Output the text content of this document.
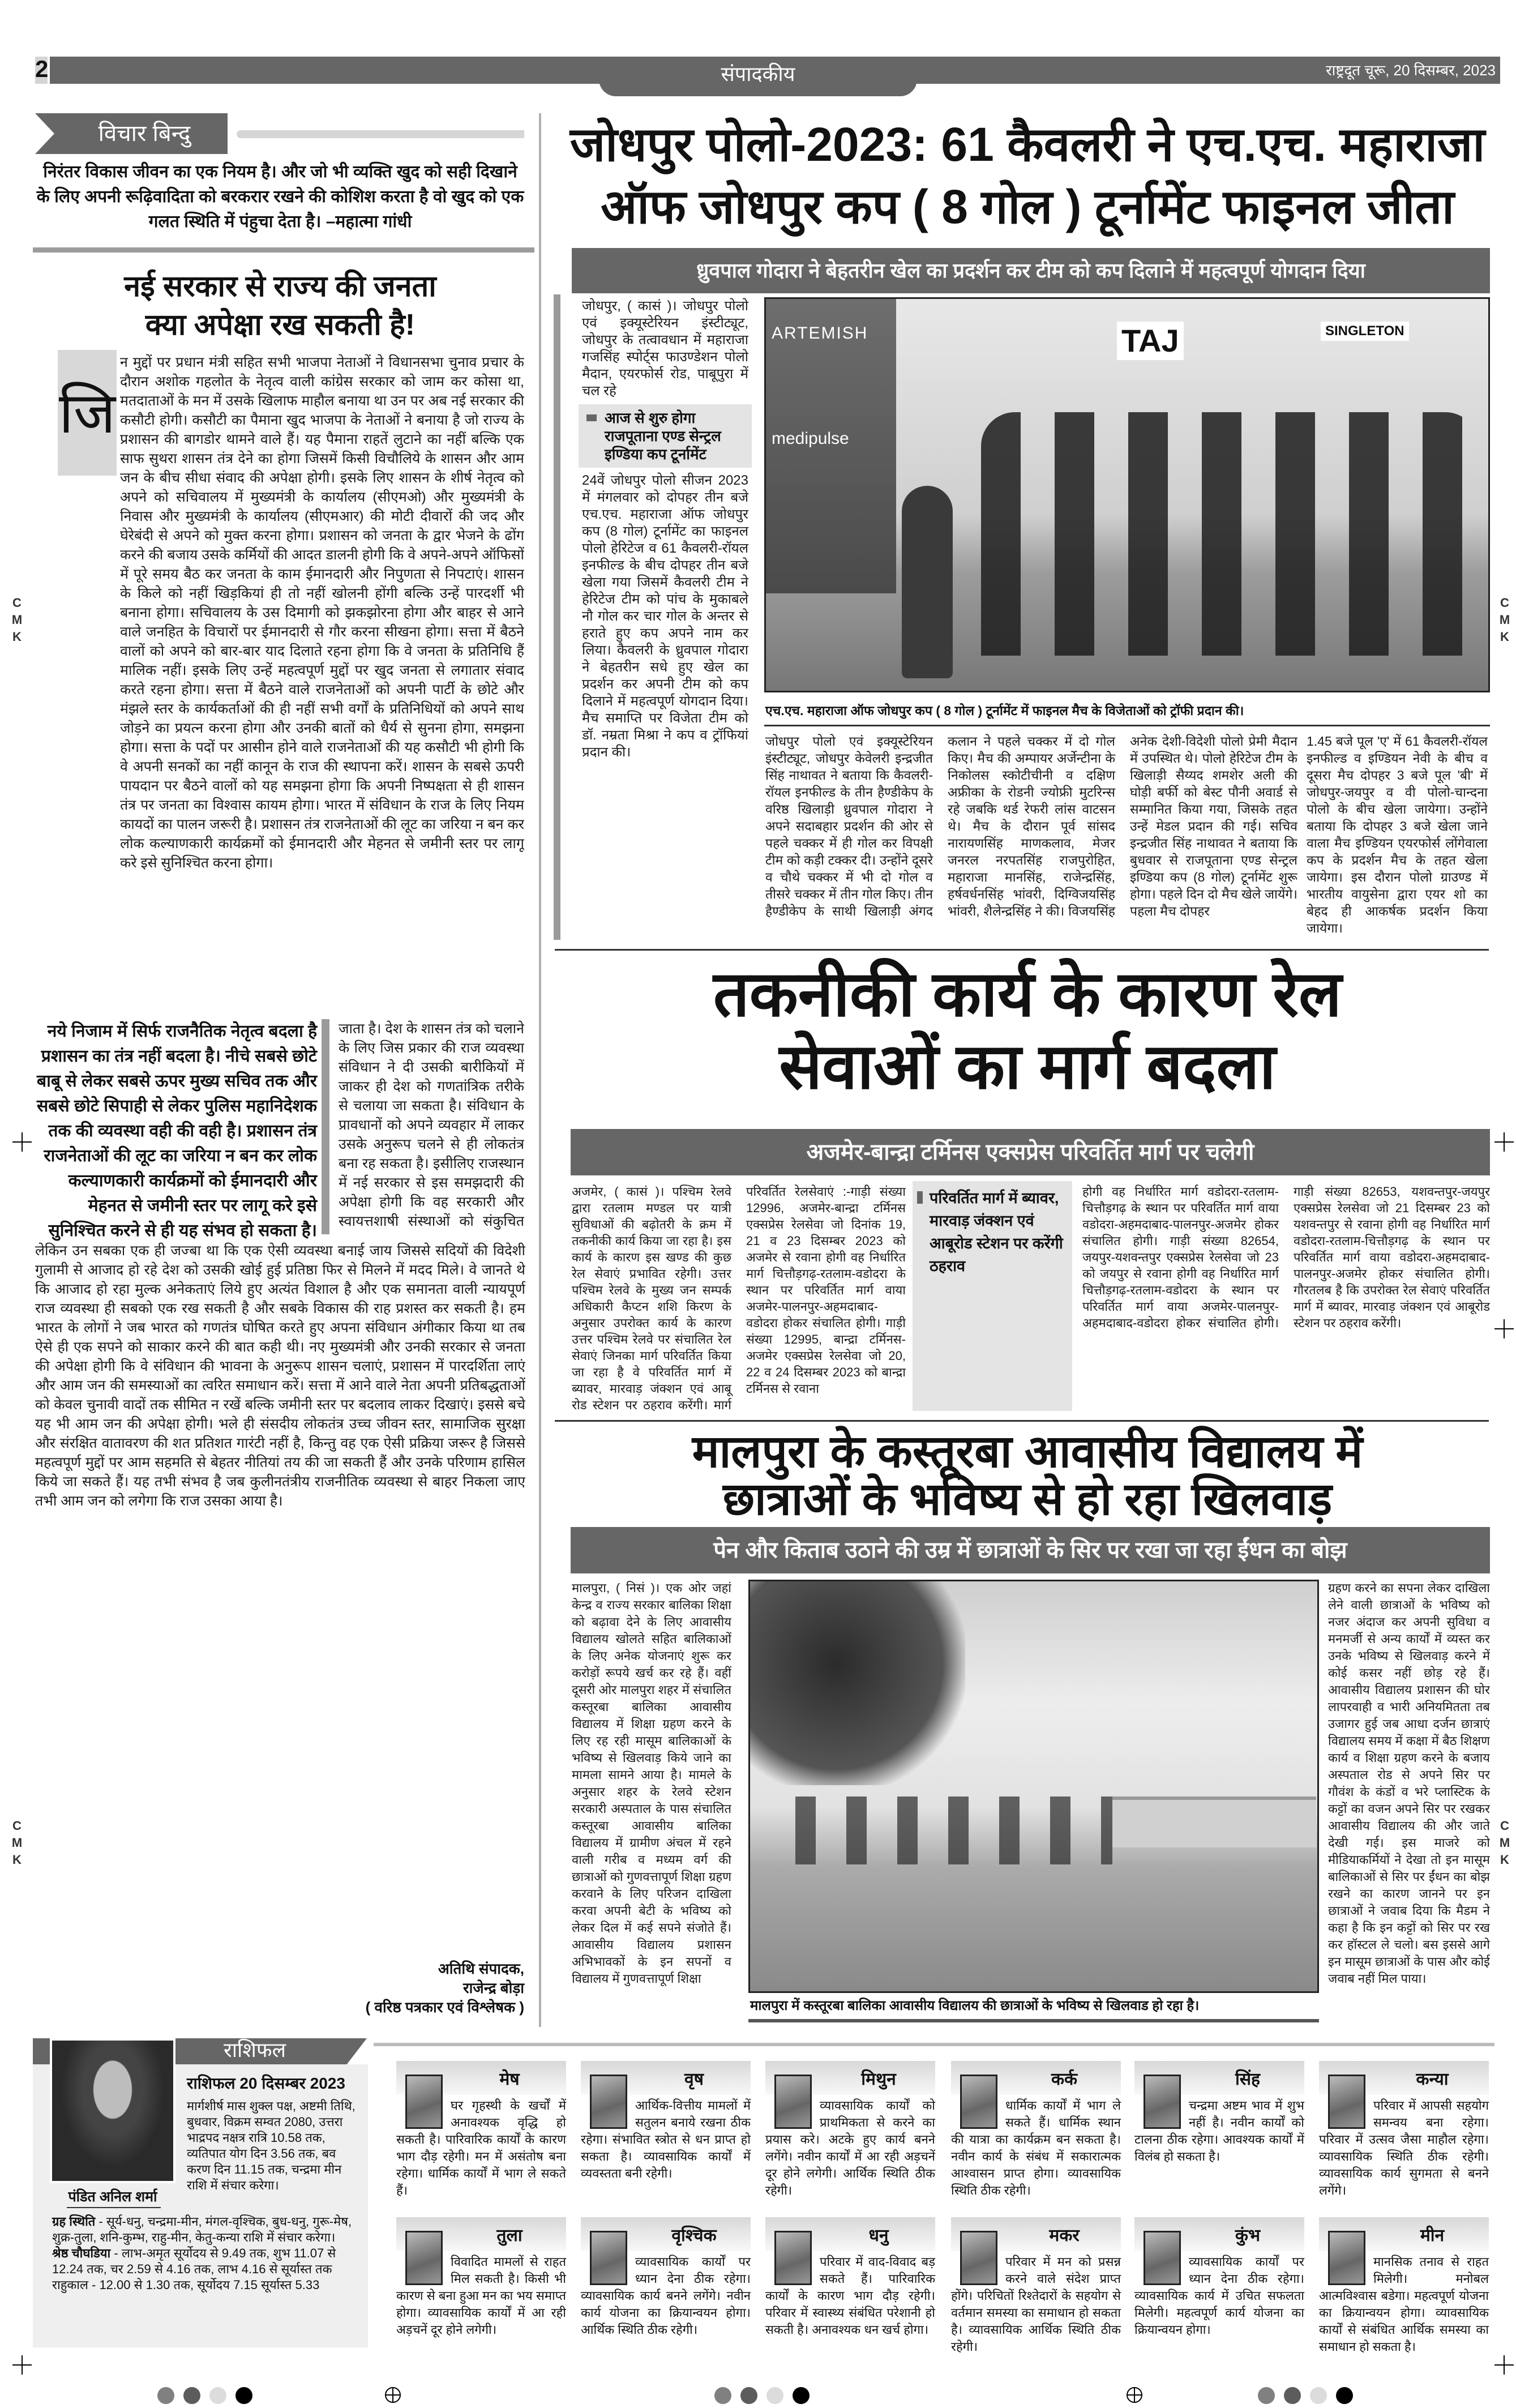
2	संपादकीय	राष्ट्रदूत चूरू, 20 दिसम्बर, 2023
विचार बिन्दु
निरंतर विकास जीवन का एक नियम है। और जो भी व्यक्ति खुद को सही दिखाने के लिए अपनी रूढ़िवादिता को बरकरार रखने की कोशिश करता है वो खुद को एक गलत स्थिति में पंहुचा देता है। –महात्मा गांधी
नई सरकार से राज्य की जनता
क्या अपेक्षा रख सकती है!
जि
न मुद्दों पर प्रधान मंत्री सहित सभी भाजपा नेताओं ने विधानसभा चुनाव प्रचार के दौरान अशोक गहलोत के नेतृत्व वाली कांग्रेस सरकार को जाम कर कोसा था, मतदाताओं के मन में उसके खिलाफ माहौल बनाया था उन पर अब नई सरकार की कसौटी होगी। कसौटी का पैमाना खुद भाजपा के नेताओं ने बनाया है जो राज्य के प्रशासन की बागडोर थामने वाले हैं। यह पैमाना राहतें लुटाने का नहीं बल्कि एक साफ सुथरा शासन तंत्र देने का होगा जिसमें किसी विचौलिये के शासन और आम जन के बीच सीधा संवाद की अपेक्षा होगी। इसके लिए शासन के शीर्ष नेतृत्व को अपने को सचिवालय में मुख्यमंत्री के कार्यालय (सीएमओ) और मुख्यमंत्री के निवास और मुख्यमंत्री के कार्यालय (सीएमआर) की मोटी दीवारों की जद और घेरेबंदी से अपने को मुक्त करना होगा। प्रशासन को जनता के द्वार भेजने के ढोंग करने की बजाय उसके कर्मियों की आदत डालनी होगी कि वे अपने-अपने ऑफिसों में पूरे समय बैठ कर जनता के काम ईमानदारी और निपुणता से निपटाएं। शासन के किले को नहीं खिड़कियां ही तो नहीं खोलनी होंगी बल्कि उन्हें पारदर्शी भी बनाना होगा। सचिवालय के उस दिमागी को झकझोरना होगा और बाहर से आने वाले जनहित के विचारों पर ईमानदारी से गौर करना सीखना होगा। सत्ता में बैठने वालों को अपने को बार-बार याद दिलाते रहना होगा कि वे जनता के प्रतिनिधि हैं मालिक नहीं। इसके लिए उन्हें महत्वपूर्ण मुद्दों पर खुद जनता से लगातार संवाद करते रहना होगा। सत्ता में बैठने वाले राजनेताओं को अपनी पार्टी के छोटे और मंझले स्तर के कार्यकर्ताओं की ही नहीं सभी वर्गों के प्रतिनिधियों को अपने साथ जोड़ने का प्रयत्न करना होगा और उनकी बातों को धैर्य से सुनना होगा, समझना होगा। सत्ता के पदों पर आसीन होने वाले राजनेताओं की यह कसौटी भी होगी कि वे अपनी सनकों का नहीं कानून के राज की स्थापना करें। शासन के सबसे ऊपरी पायदान पर बैठने वालों को यह समझना होगा कि अपनी निष्पक्षता से ही शासन तंत्र पर जनता का विश्वास कायम होगा। भारत में संविधान के राज के लिए नियम कायदों का पालन जरूरी है। प्रशासन तंत्र राजनेताओं की लूट का जरिया न बन कर लोक कल्याणकारी कार्यक्रमों को ईमानदारी और मेहनत से जमीनी स्तर पर लागू करे इसे सुनिश्चित करना होगा।
नये निजाम में सिर्फ राजनैतिक नेतृत्व बदला है प्रशासन का तंत्र नहीं बदला है। नीचे सबसे छोटे बाबू से लेकर सबसे ऊपर मुख्य सचिव तक और सबसे छोटे सिपाही से लेकर पुलिस महानिदेशक तक की व्यवस्था वही की वही है। प्रशासन तंत्र राजनेताओं की लूट का जरिया न बन कर लोक कल्याणकारी कार्यक्रमों को ईमानदारी और मेहनत से जमीनी स्तर पर लागू करे इसे सुनिश्चित करने से ही यह संभव हो सकता है।
जाता है। देश के शासन तंत्र को चलाने के लिए जिस प्रकार की राज व्यवस्था संविधान ने दी उसकी बारीकियों में जाकर ही देश को गणतांत्रिक तरीके से चलाया जा सकता है। संविधान के प्रावधानों को अपने व्यवहार में लाकर उसके अनुरूप चलने से ही लोकतंत्र बना रह सकता है। इसीलिए राजस्थान में नई सरकार से इस समझदारी की अपेक्षा होगी कि वह सरकारी और स्वायत्तशाषी संस्थाओं को संकुचित
लेकिन उन सबका एक ही जज्बा था कि एक ऐसी व्यवस्था बनाई जाय जिससे सदियों की विदेशी गुलामी से आजाद हो रहे देश को उसकी खोई हुई प्रतिष्ठा फिर से मिलने में मदद मिले। वे जानते थे कि आजाद हो रहा मुल्क अनेकताएं लिये हुए अत्यंत विशाल है और एक समानता वाली न्यायपूर्ण राज व्यवस्था ही सबको एक रख सकती है और सबके विकास की राह प्रशस्त कर सकती है। हम भारत के लोगों ने जब भारत को गणतंत्र घोषित करते हुए अपना संविधान अंगीकार किया था तब ऐसे ही एक सपने को साकार करने की बात कही थी। नए मुख्यमंत्री और उनकी सरकार से जनता की अपेक्षा होगी कि वे संविधान की भावना के अनुरूप शासन चलाएं, प्रशासन में पारदर्शिता लाएं और आम जन की समस्याओं का त्वरित समाधान करें। सत्ता में आने वाले नेता अपनी प्रतिबद्धताओं को केवल चुनावी वादों तक सीमित न रखें बल्कि जमीनी स्तर पर बदलाव लाकर दिखाएं। इससे बचे यह भी आम जन की अपेक्षा होगी। भले ही संसदीय लोकतंत्र उच्च जीवन स्तर, सामाजिक सुरक्षा और संरक्षित वातावरण की शत प्रतिशत गारंटी नहीं है, किन्तु वह एक ऐसी प्रक्रिया जरूर है जिससे महत्वपूर्ण मुद्दों पर आम सहमति से बेहतर नीतियां तय की जा सकती हैं और उनके परिणाम हासिल किये जा सकते हैं। यह तभी संभव है जब कुलीनतंत्रीय राजनीतिक व्यवस्था से बाहर निकला जाए तभी आम जन को लगेगा कि राज उसका आया है।
अतिथि संपादक,
राजेन्द्र बोड़ा
( वरिष्ठ पत्रकार एवं विश्लेषक )
जोधपुर पोलो-2023: 61 कैवलरी ने एच.एच. महाराजा
ऑफ जोधपुर कप ( 8 गोल ) टूर्नामेंट फाइनल जीता
ध्रुवपाल गोदारा ने बेहतरीन खेल का प्रदर्शन कर टीम को कप दिलाने में महत्वपूर्ण योगदान दिया
जोधपुर, ( कासं )। जोधपुर पोलो एवं इक्यूस्टेरियन इंस्टीट्यूट, जोधपुर के तत्वावधान में महाराजा गजसिंह स्पोर्ट्स फाउण्डेशन पोलो मैदान, एयरफोर्स रोड, पाबूपुरा में चल रहे
आज से शुरु होगा राजपूताना एण्ड सेन्ट्रल इण्डिया कप टूर्नामेंट
24वें जोधपुर पोलो सीजन 2023 में मंगलवार को दोपहर तीन बजे एच.एच. महाराजा ऑफ जोधपुर कप (8 गोल) टूर्नामेंट का फाइनल पोलो हेरिटेज व 61 कैवलरी-रॉयल इनफील्ड के बीच दोपहर तीन बजे खेला गया जिसमें कैवलरी टीम ने हेरिटेज टीम को पांच के मुकाबले नौ गोल कर चार गोल के अन्तर से हराते हुए कप अपने नाम कर लिया। कैवलरी के ध्रुवपाल गोदारा ने बेहतरीन सधे हुए खेल का प्रदर्शन कर अपनी टीम को कप दिलाने में महत्वपूर्ण योगदान दिया। मैच समाप्ति पर विजेता टीम को डॉ. नम्रता मिश्रा ने कप व ट्रॉफियां प्रदान की।
ARTEMISH
medipulse
TAJ	SINGLETON
एच.एच. महाराजा ऑफ जोधपुर कप ( 8 गोल ) टूर्नामेंट में फाइनल मैच के विजेताओं को ट्रॉफी प्रदान की।
जोधपुर पोलो एवं इक्यूस्टेरियन इंस्टीट्यूट, जोधपुर केवेलरी इन्द्रजीत सिंह नाथावत ने बताया कि कैवलरी-रॉयल इनफील्ड के तीन हैण्डीकेप के वरिष्ठ खिलाड़ी ध्रुवपाल गोदारा ने अपने सदाबहार प्रदर्शन की ओर से पहले चक्कर में ही गोल कर विपक्षी टीम को कड़ी टक्कर दी। उन्होंने दूसरे व चौथे चक्कर में भी दो गोल व तीसरे चक्कर में तीन गोल किए। तीन हैण्डीकेप के साथी खिलाड़ी अंगद कलान ने पहले चक्कर में दो गोल किए। मैच की अम्पायर अर्जेन्टीना के निकोलस स्कोटीचीनी व दक्षिण अफ्रीका के रोडनी ज्योफ्री मुटरिन्स रहे जबकि थर्ड रेफरी लांस वाटसन थे। मैच के दौरान पूर्व सांसद नारायणसिंह माणकलाव, मेजर जनरल नरपतसिंह राजपुरोहित, महाराजा मानसिंह, राजेन्द्रसिंह, हर्षवर्धनसिंह भांवरी, दिग्विजयसिंह भांवरी, शैलेन्द्रसिंह ने की। विजयसिंह अनेक देशी-विदेशी पोलो प्रेमी मैदान में उपस्थित थे। पोलो हेरिटेज टीम के खिलाड़ी सैय्यद शमशेर अली की घोड़ी बर्फी को बेस्ट पौनी अवार्ड से सम्मानित किया गया, जिसके तहत उन्हें मेडल प्रदान की गई। सचिव इन्द्रजीत सिंह नाथावत ने बताया कि बुधवार से राजपूताना एण्ड सेन्ट्रल इण्डिया कप (8 गोल) टूर्नामेंट शुरू होगा। पहले दिन दो मैच खेले जायेंगे। पहला मैच दोपहर
1.45 बजे पूल 'ए' में 61 कैवलरी-रॉयल इनफील्ड व इण्डियन नेवी के बीच व दूसरा मैच दोपहर 3 बजे पूल 'बी' में जोधपुर-जयपुर व वी पोलो-चान्दना पोलो के बीच खेला जायेगा। उन्होंने बताया कि दोपहर 3 बजे खेला जाने वाला मैच इण्डियन एयरफोर्स लोंगेवाला कप के प्रदर्शन मैच के तहत खेला जायेगा। इस दौरान पोलो ग्राउण्ड में भारतीय वायुसेना द्वारा एयर शो का बेहद ही आकर्षक प्रदर्शन किया जायेगा।
तकनीकी कार्य के कारण रेल
सेवाओं का मार्ग बदला
अजमेर-बान्द्रा टर्मिनस एक्सप्रेस परिवर्तित मार्ग पर चलेगी
अजमेर, ( कासं )। पश्चिम रेलवे द्वारा रतलाम मण्डल पर यात्री सुविधाओं की बढ़ोतरी के क्रम में तकनीकी कार्य किया जा रहा है। इस कार्य के कारण इस खण्ड की कुछ रेल सेवाएं प्रभावित रहेगी। उत्तर पश्चिम रेलवे के मुख्य जन सम्पर्क अधिकारी कैप्टन शशि किरण के अनुसार उपरोक्त कार्य के कारण उत्तर पश्चिम रेलवे पर संचालित रेल सेवाएं जिनका मार्ग परिवर्तित किया जा रहा है वे परिवर्तित मार्ग में ब्यावर, मारवाड़ जंक्शन एवं आबू रोड स्टेशन पर ठहराव करेंगी। मार्ग परिवर्तित रेलसेवाएं :-गाड़ी संख्या 12996, अजमेर-बान्द्रा टर्मिनस एक्सप्रेस रेलसेवा जो दिनांक 19, 21 व 23 दिसम्बर 2023 को अजमेर से रवाना होगी वह निर्धारित मार्ग चित्तौड़गढ़-रतलाम-वडोदरा के स्थान पर परिवर्तित मार्ग वाया अजमेर-पालनपुर-अहमदाबाद-वडोदरा होकर संचालित होगी। गाड़ी संख्या 12995, बान्द्रा टर्मिनस-अजमेर एक्सप्रेस रेलसेवा जो 20, 22 व 24 दिसम्बर 2023 को बान्द्रा टर्मिनस से रवाना
परिवर्तित मार्ग में ब्यावर, मारवाड़ जंक्शन एवं आबूरोड स्टेशन पर करेंगी ठहराव
होगी वह निर्धारित मार्ग वडोदरा-रतलाम-चित्तौड़गढ़ के स्थान पर परिवर्तित मार्ग वाया वडोदरा-अहमदाबाद-पालनपुर-अजमेर होकर संचालित होगी। गाड़ी संख्या 82654, जयपुर-यशवन्तपुर एक्सप्रेस रेलसेवा जो 23 को जयपुर से रवाना होगी वह निर्धारित मार्ग चित्तौड़गढ़-रतलाम-वडोदरा के स्थान पर परिवर्तित मार्ग वाया अजमेर-पालनपुर-अहमदाबाद-वडोदरा होकर संचालित होगी। गाड़ी संख्या 82653, यशवन्तपुर-जयपुर एक्सप्रेस रेलसेवा जो 21 दिसम्बर 23 को यशवन्तपुर से रवाना होगी वह निर्धारित मार्ग वडोदरा-रतलाम-चित्तौड़गढ़ के स्थान पर परिवर्तित मार्ग वाया वडोदरा-अहमदाबाद-पालनपुर-अजमेर होकर संचालित होगी। गौरतलब है कि उपरोक्त रेल सेवाएं परिवर्तित मार्ग में ब्यावर, मारवाड़ जंक्शन एवं आबूरोड स्टेशन पर ठहराव करेंगी।
मालपुरा के कस्तूरबा आवासीय विद्यालय में
छात्राओं के भविष्य से हो रहा खिलवाड़
पेन और किताब उठाने की उम्र में छात्राओं के सिर पर रखा जा रहा ईंधन का बोझ
मालपुरा, ( निसं )। एक ओर जहां केन्द्र व राज्य सरकार बालिका शिक्षा को बढ़ावा देने के लिए आवासीय विद्यालय खोलते सहित बालिकाओं के लिए अनेक योजनाएं शुरू कर करोड़ों रूपये खर्च कर रहे हैं। वहीं दूसरी ओर मालपुरा शहर में संचालित कस्तूरबा बालिका आवासीय विद्यालय में शिक्षा ग्रहण करने के लिए रह रही मासूम बालिकाओं के भविष्य से खिलवाड़ किये जाने का मामला सामने आया है। मामले के अनुसार शहर के रेलवे स्टेशन सरकारी अस्पताल के पास संचालित कस्तूरबा आवासीय बालिका विद्यालय में ग्रामीण अंचल में रहने वाली गरीब व मध्यम वर्ग की छात्राओं को गुणवत्तापूर्ण शिक्षा ग्रहण करवाने के लिए परिजन दाखिला करवा अपनी बेटी के भविष्य को लेकर दिल में कई सपने संजोते हैं। आवासीय विद्यालय प्रशासन अभिभावकों के इन सपनों व विद्यालय में गुणवत्तापूर्ण शिक्षा
मालपुरा में कस्तूरबा बालिका आवासीय विद्यालय की छात्राओं के भविष्य से खिलवाड हो रहा है।
ग्रहण करने का सपना लेकर दाखिला लेने वाली छात्राओं के भविष्य को नजर अंदाज कर अपनी सुविधा व मनमर्जी से अन्य कार्यों में व्यस्त कर उनके भविष्य से खिलवाड़ करने में कोई कसर नहीं छोड़ रहे हैं। आवासीय विद्यालय प्रशासन की घोर लापरवाही व भारी अनियमितता तब उजागर हुई जब आधा दर्जन छात्राएं विद्यालय समय में कक्षा में बैठ शिक्षण कार्य व शिक्षा ग्रहण करने के बजाय अस्पताल रोड से अपने सिर पर गौवंश के कंडों व भरे प्लास्टिक के कट्टों का वजन अपने सिर पर रखकर आवासीय विद्यालय की और जाते देखी गई। इस माजरे को मीडियाकर्मियों ने देखा तो इन मासूम बालिकाओं से सिर पर ईंधन का बोझ रखने का कारण जानने पर इन छात्राओं ने जवाब दिया कि मैडम ने कहा है कि इन कट्टों को सिर पर रख कर हॉस्टल ले चलो। बस इससे आगे इन मासूम छात्राओं के पास और कोई जवाब नहीं मिल पाया।
राशिफल
पंडित अनिल शर्मा
राशिफल 20 दिसम्बर 2023
मार्गशीर्ष मास शुक्ल पक्ष, अष्टमी तिथि, बुधवार, विक्रम सम्वत 2080, उत्तरा भाद्रपद नक्षत्र रात्रि 10.58 तक, व्यतिपात योग दिन 3.56 तक, बव करण दिन 11.15 तक, चन्द्रमा मीन राशि में संचार करेगा।
ग्रह स्थिति - सूर्य-धनु, चन्द्रमा-मीन, मंगल-वृश्चिक, बुध-धनु, गुरू-मेष, शुक्र-तुला, शनि-कुम्भ, राहु-मीन, केतु-कन्या राशि में संचार करेगा।
श्रेष्ठ चौघडिया - लाभ-अमृत सूर्योदय से 9.49 तक, शुभ 11.07 से 12.24 तक, चर 2.59 से 4.16 तक, लाभ 4.16 से सूर्यास्त तक
राहुकाल - 12.00 से 1.30 तक, सूर्योदय 7.15 सूर्यास्त 5.33
मेष
घर गृहस्थी के खर्चों में अनावश्यक वृद्धि हो सकती है। पारिवारिक कार्यों के कारण भाग दौड़ रहेगी। मन में असंतोष बना रहेगा। धार्मिक कार्यों में भाग ले सकते हैं।
वृष
आर्थिक-वित्तीय मामलों में सतुलन बनाये रखना ठीक रहेगा। संभावित स्त्रोत से धन प्राप्त हो सकता है। व्यावसायिक कार्यों में व्यवस्तता बनी रहेगी।
मिथुन
व्यावसायिक कार्यों को प्राथमिकता से करने का प्रयास करे। अटके हुए कार्य बनने लगेंगे। नवीन कार्यों में आ रही अड़चनें दूर होने लगेगी। आर्थिक स्थिति ठीक रहेगी।
कर्क
धार्मिक कार्यों में भाग ले सकते हैं। धार्मिक स्थान की यात्रा का कार्यक्रम बन सकता है। नवीन कार्य के संबंध में सकारात्मक आश्वासन प्राप्त होगा। व्यावसायिक स्थिति ठीक रहेगी।
सिंह
चन्द्रमा अष्टम भाव में शुभ नहीं है। नवीन कार्यों को टालना ठीक रहेगा। आवश्यक कार्यों में विलंब हो सकता है।
कन्या
परिवार में आपसी सहयोग समन्वय बना रहेगा। परिवार में उत्सव जैसा माहौल रहेगा। व्यावसायिक स्थिति ठीक रहेगी। व्यावसायिक कार्य सुगमता से बनने लगेंगे।
तुला
विवादित मामलों से राहत मिल सकती है। किसी भी कारण से बना हुआ मन का भय समाप्त होगा। व्यावसायिक कार्यों में आ रही अड़चनें दूर होने लगेगी।
वृश्चिक
व्यावसायिक कार्यों पर ध्यान देना ठीक रहेगा। व्यावसायिक कार्य बनने लगेंगे। नवीन कार्य योजना का क्रियान्वयन होगा। आर्थिक स्थिति ठीक रहेगी।
धनु
परिवार में वाद-विवाद बड़ सकते हैं। पारिवारिक कार्यों के कारण भाग दौड़ रहेगी। परिवार में स्वास्थ्य संबंधित परेशानी हो सकती है। अनावश्यक धन खर्च होगा।
मकर
परिवार में मन को प्रसन्न करने वाले संदेश प्राप्त होंगे। परिचितों रिश्तेदारों के सहयोग से वर्तमान समस्या का समाधान हो सकता है। व्यावसायिक आर्थिक स्थिति ठीक रहेगी।
कुंभ
व्यावसायिक कार्यों पर ध्यान देना ठीक रहेगा। व्यावसायिक कार्य में उचित सफलता मिलेगी। महत्वपूर्ण कार्य योजना का क्रियान्वयन होगा।
मीन
मानसिक तनाव से राहत मिलेगी। मनोबल आत्मविश्वास बडेगा। महत्वपूर्ण योजना का क्रियान्वयन होगा। व्यावसायिक कार्यों से संबंधित आर्थिक समस्या का समाधान हो सकता है।
C
M
K
C
M
K
C
M
K
C
M
K
